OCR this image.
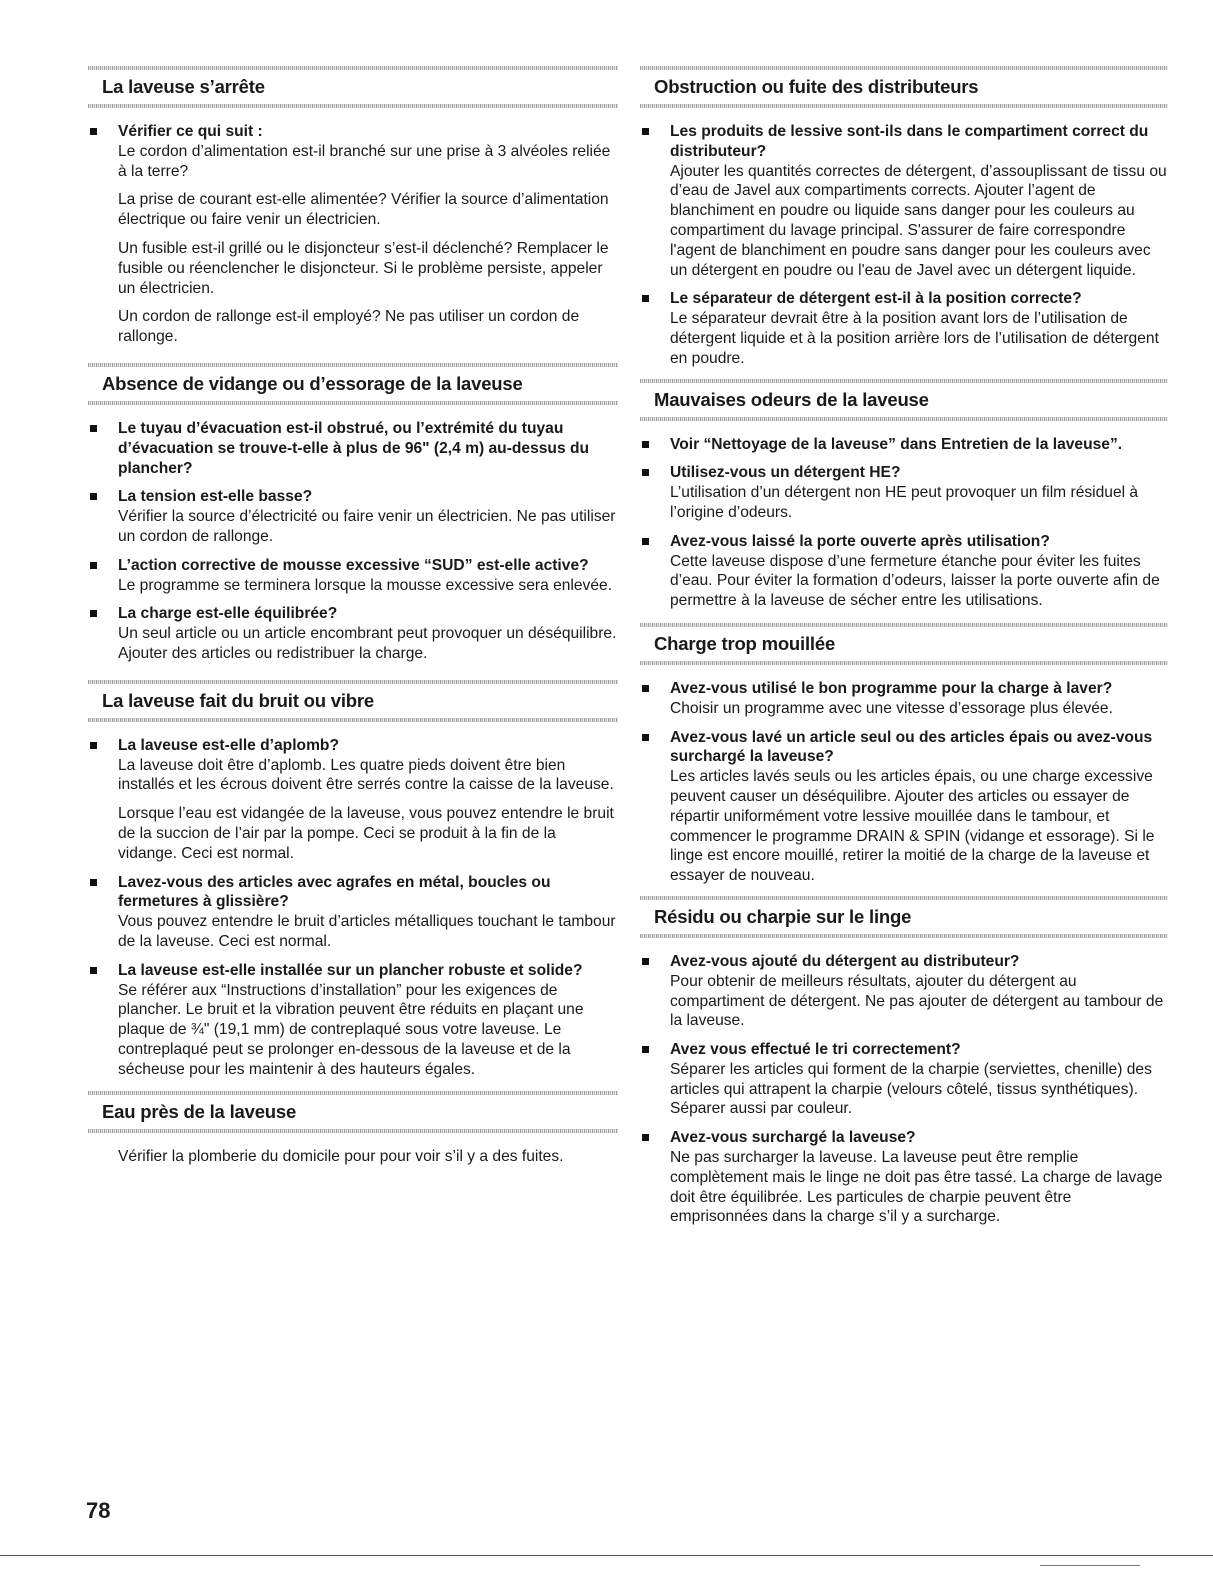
La laveuse s’arrête
Vérifier ce qui suit :

Le cordon d’alimentation est-il branché sur une prise à 3 alvéoles reliée à la terre?

La prise de courant est-elle alimentée? Vérifier la source d’alimentation électrique ou faire venir un électricien.

Un fusible est-il grillé ou le disjoncteur s’est-il déclenché? Remplacer le fusible ou réenclencher le disjoncteur. Si le problème persiste, appeler un électricien.

Un cordon de rallonge est-il employé? Ne pas utiliser un cordon de rallonge.

Absence de vidange ou d’essorage de la laveuse
Le tuyau d’évacuation est-il obstrué, ou l’extrémité du tuyau d’évacuation se trouve-t-elle à plus de 96" (2,4 m) au-dessus du plancher?
La tension est-elle basse?

Vérifier la source d’électricité ou faire venir un électricien. Ne pas utiliser un cordon de rallonge.

L’action corrective de mousse excessive “SUD” est-elle active?

Le programme se terminera lorsque la mousse excessive sera enlevée.

La charge est-elle équilibrée?

Un seul article ou un article encombrant peut provoquer un déséquilibre. Ajouter des articles ou redistribuer la charge.

La laveuse fait du bruit ou vibre
La laveuse est-elle d’aplomb?

La laveuse doit être d’aplomb. Les quatre pieds doivent être bien installés et les écrous doivent être serrés contre la caisse de la laveuse.

Lorsque l’eau est vidangée de la laveuse, vous pouvez entendre le bruit de la succion de l’air par la pompe. Ceci se produit à la fin de la vidange. Ceci est normal.

Lavez-vous des articles avec agrafes en métal, boucles ou fermetures à glissière?

Vous pouvez entendre le bruit d’articles métalliques touchant le tambour de la laveuse. Ceci est normal.

La laveuse est-elle installée sur un plancher robuste et solide?

Se référer aux “Instructions d’installation” pour les exigences de plancher. Le bruit et la vibration peuvent être réduits en plaçant une plaque de ¾" (19,1 mm) de contreplaqué sous votre laveuse. Le contreplaqué peut se prolonger en-dessous de la laveuse et de la sécheuse pour les maintenir à des hauteurs égales.

Eau près de la laveuse
Vérifier la plomberie du domicile pour pour voir s’il y a des fuites.
Obstruction ou fuite des distributeurs
Les produits de lessive sont-ils dans le compartiment correct du distributeur?

Ajouter les quantités correctes de détergent, d’assouplissant de tissu ou d’eau de Javel aux compartiments corrects. Ajouter l’agent de blanchiment en poudre ou liquide sans danger pour les couleurs au compartiment du lavage principal. S'assurer de faire correspondre l'agent de blanchiment en poudre sans danger pour les couleurs avec un détergent en poudre ou l'eau de Javel avec un détergent liquide.

Le séparateur de détergent est-il à la position correcte?

Le séparateur devrait être à la position avant lors de l’utilisation de détergent liquide et à la position arrière lors de l’utilisation de détergent en poudre.

Mauvaises odeurs de la laveuse
Voir “Nettoyage de la laveuse” dans Entretien de la laveuse”.
Utilisez-vous un détergent HE?

L’utilisation d’un détergent non HE peut provoquer un film résiduel à l’origine d’odeurs.

Avez-vous laissé la porte ouverte après utilisation?

Cette laveuse dispose d’une fermeture étanche pour éviter les fuites d’eau. Pour éviter la formation d’odeurs, laisser la porte ouverte afin de permettre à la laveuse de sécher entre les utilisations.

Charge trop mouillée
Avez-vous utilisé le bon programme pour la charge à laver?

Choisir un programme avec une vitesse d’essorage plus élevée.

Avez-vous lavé un article seul ou des articles épais ou avez-vous surchargé la laveuse?

Les articles lavés seuls ou les articles épais, ou une charge excessive peuvent causer un déséquilibre. Ajouter des articles ou essayer de répartir uniformément votre lessive mouillée dans le tambour, et commencer le programme DRAIN & SPIN (vidange et essorage). Si le linge est encore mouillé, retirer la moitié de la charge de la laveuse et essayer de nouveau.

Résidu ou charpie sur le linge
Avez-vous ajouté du détergent au distributeur?

Pour obtenir de meilleurs résultats, ajouter du détergent au compartiment de détergent. Ne pas ajouter de détergent au tambour de la laveuse.

Avez vous effectué le tri correctement?

Séparer les articles qui forment de la charpie (serviettes, chenille) des articles qui attrapent la charpie (velours côtelé, tissus synthétiques). Séparer aussi par couleur.

Avez-vous surchargé la laveuse?

Ne pas surcharger la laveuse. La laveuse peut être remplie complètement mais le linge ne doit pas être tassé. La charge de lavage doit être équilibrée. Les particules de charpie peuvent être emprisonnées dans la charge s’il y a surcharge.

78
